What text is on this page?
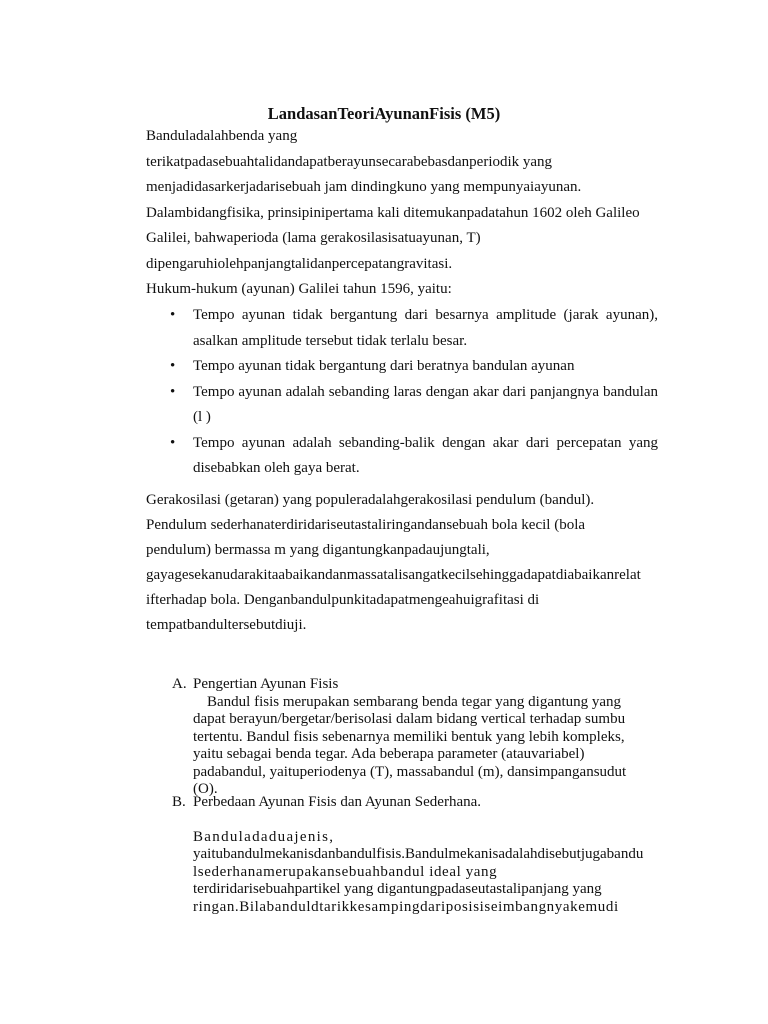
LandasanTeoriAyunanFisis (M5)

Banduladalahbenda yang

terikatpadasebuahtalidandapatberayunsecarabebasdanperiodik yang

menjadidasarkerjadarisebuah jam dindingkuno yang mempunyaiayunan.

Dalambidangfisika, prinsipinipertama kali ditemukanpadatahun 1602 oleh Galileo

Galilei, bahwaperioda (lama gerakosilasisatuayunan, T)

dipengaruhiolehpanjangtalidanpercepatangravitasi.

Hukum-hukum (ayunan) Galilei tahun 1596, yaitu:

• Tempo ayunan tidak bergantung dari besarnya amplitude (jarak ayunan), asalkan amplitude tersebut tidak terlalu besar.
• Tempo ayunan tidak bergantung dari beratnya bandulan ayunan
• Tempo ayunan adalah sebanding laras dengan akar dari panjangnya bandulan (l )
• Tempo ayunan adalah sebanding-balik dengan akar dari percepatan yang disebabkan oleh gaya berat.

Gerakosilasi (getaran) yang populeradalahgerakosilasi pendulum (bandul).

Pendulum sederhanaterdiridariseutastaliringandansebuah bola kecil (bola

pendulum) bermassa m yang digantungkanpadaujungtali,

gayagesekanudarakitaabaikandanmassatalisangatkecilsehinggadapatdiabaikanrelat

ifterhadap bola. Denganbandulpunkitadapatmengeahuigrafitasi di

tempatbandultersebutdiuji.

A. Pengertian Ayunan Fisis

Bandul fisis merupakan sembarang benda tegar yang digantung yang

dapat berayun/bergetar/berisolasi dalam bidang vertical terhadap sumbu

tertentu. Bandul fisis sebenarnya memiliki bentuk yang lebih kompleks,

yaitu sebagai benda tegar. Ada beberapa parameter (atauvariabel)

padabandul, yaituperiodenya (T), massabandul (m), dansimpangansudut

(O).

B. Perbedaan Ayunan Fisis dan Ayunan Sederhana.

Banduladaduajenis,

yaitubandulmekanisdanbandulfisis.Bandulmekanisadalahdisebutjugabandu

lsederhanamerupakansebuahbandul ideal yang

terdiridarisebuahpartikel yang digantungpadaseutastalipanjang yang

ringan.Bilabanduldtarikkesampingdariposisiseimbangnyakemudi
